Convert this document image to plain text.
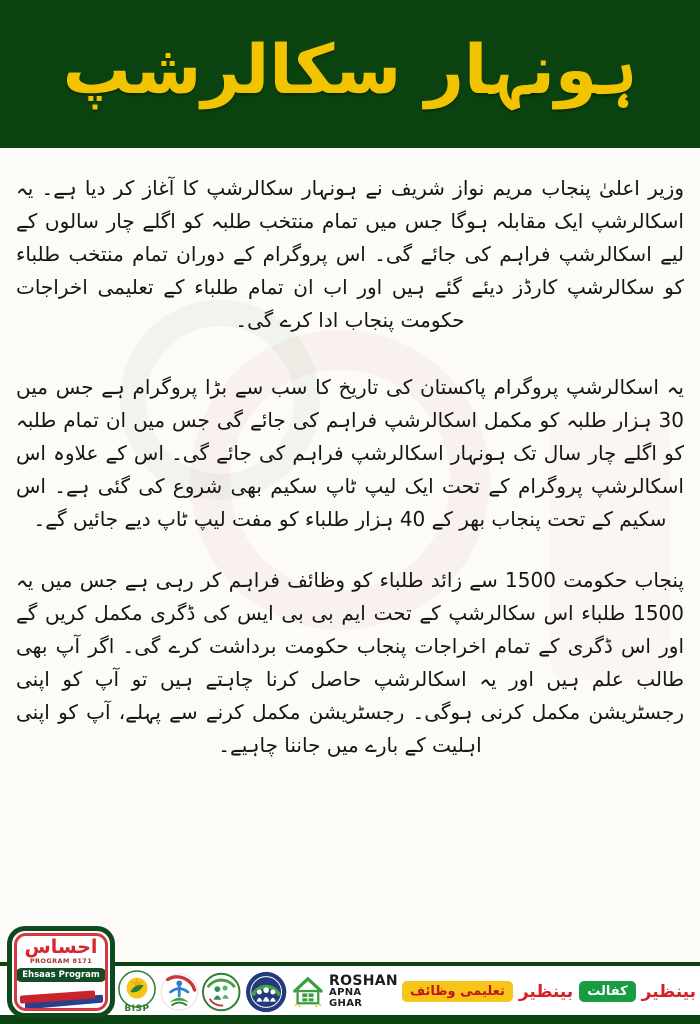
ہونہار سکالرشپ

وزیر اعلیٰ پنجاب مریم نواز شریف نے ہونہار سکالرشپ کا آغاز کر دیا ہے۔ یہ اسکالرشپ ایک مقابلہ ہوگا جس میں تمام منتخب طلبہ کو اگلے چار سالوں کے لیے اسکالرشپ فراہم کی جائے گی۔ اس پروگرام کے دوران تمام منتخب طلباء کو سکالرشپ کارڈز دیئے گئے ہیں اور اب ان تمام طلباء کے تعلیمی اخراجات حکومت پنجاب ادا کرے گی۔

یہ اسکالرشپ پروگرام پاکستان کی تاریخ کا سب سے بڑا پروگرام ہے جس میں 30 ہزار طلبہ کو مکمل اسکالرشپ فراہم کی جائے گی جس میں ان تمام طلبہ کو اگلے چار سال تک ہونہار اسکالرشپ فراہم کی جائے گی۔ اس کے علاوہ اس اسکالرشپ پروگرام کے تحت ایک لیپ ٹاپ سکیم بھی شروع کی گئی ہے۔ اس سکیم کے تحت پنجاب بھر کے 40 ہزار طلباء کو مفت لیپ ٹاپ دیے جائیں گے۔

پنجاب حکومت 1500 سے زائد طلباء کو وظائف فراہم کر رہی ہے جس میں یہ 1500 طلباء اس سکالرشپ کے تحت ایم بی بی ایس کی ڈگری مکمل کریں گے اور اس ڈگری کے تمام اخراجات پنجاب حکومت برداشت کرے گی۔ اگر آپ بھی طالب علم ہیں اور یہ اسکالرشپ حاصل کرنا چاہتے ہیں تو آپ کو اپنی رجسٹریشن مکمل کرنی ہوگی۔ رجسٹریشن مکمل کرنے سے پہلے، آپ کو اپنی اہلیت کے بارے میں جاننا چاہیے۔

BISP
ROSHAN
APNA GHAR
بینظیر
کفالت
بینظیر
تعلیمی وظائف
احساس
PROGRAM 8171
Ehsaas Program
